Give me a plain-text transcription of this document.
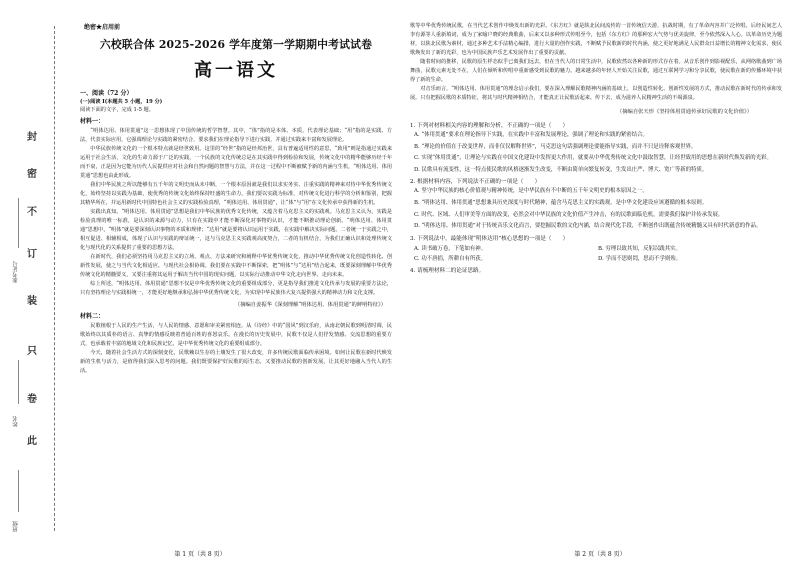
封
密
不
订
装
只
卷
此
准考证号
姓名
班级
绝密★启用前
六校联合体 2025-2026 学年度第一学期期中考试试卷
高一语文
一、阅读（72 分）
(一)阅读 I(本题共 5 小题，19 分)
阅读下面的文字，完成 1-5 题。
材料一：

“明体达用、体用贯通”这一思想体现了中国传统的哲学智慧。其中，“体”指的是本体、本质，代表理论基础；“用”指的是实践、方法，代表实际应用，它强调理论与实践的紧密结合，要求我们在理论指导下进行实践，并通过实践来丰富和发展理论。

中华民族传统文化的一个根本特点就是经世致用。这里的“经世”指的是经邦治世，具有普遍适用性的意思，“致用”则是指通过实践来运用于社会生活，文化的生命力源于广泛的实践，一个民族的文化传统总是在其实践中得到检验和发展，传统文化中的精华能够历经千年而不衰，正是因为它能为历代人民提供应对社会和自然问题的智慧与方法，并在这一过程中不断被赋予新的内涵与生机，“明体达用、体用贯通”思想也由此形成。

我们中华民族之所以能够有五千年的文明史而从未中断，一个根本原因就是我们以求实务实、注重实践的精神来对待中华优秀传统文化，始终坚持以实践为基础，使优秀的传统文化始终保持旺盛的生命力。我们要以实践为标准，对传统文化进行科学的分析和鉴别，把握其精华所在，并运用新时代中国特色社会主义的实践检验真理，“明体达用、体用贯通”，让“体”与“用”在文化传承中获得新的生机。

实践出真知。“明体达用、体用贯通”思想是我们中华民族的优秀文化传统，又蕴含着马克思主义的实践观。马克思主义认为，实践是检验真理的唯一标准，是认识的来源与动力，只有在实践中才能不断深化对事物的认识，才能不断推动理论创新。“明体达用、体用贯通”思想中，“明体”就是要深刻认识事物的本质和规律；“达用”就是要将认识运用于实践，在实践中解决实际问题。二者统一于实践之中，相互促进、相辅相成，体现了认识与实践的辩证统一，这与马克思主义实践观高度契合，二者的有机结合，为我们正确认识和处理传统文化与现代化的关系提供了重要的思想方法。

在新时代，我们必须坚持用马克思主义的立场、观点、方法来研究和阐释中华优秀传统文化，推动中华优秀传统文化创造性转化、创新性发展，使之与当代文化相适应、与现代社会相协调。我们要在实践中不断探索，把“明体”与“达用”结合起来，既要深刻理解中华优秀传统文化的精髓要义，又要注重将其运用于解决当代中国的现实问题，以实际行动推动中华文化走向世界、走向未来。

综上所述，“明体达用、体用贯通”思想不仅是中华优秀传统文化的重要组成部分，更是指导我们推进文化传承与发展的重要方法论，只有坚持理论与实践相统一，才能更好地继承和弘扬中华优秀传统文化，为实现中华民族伟大复兴提供强大的精神动力和文化支撑。

（摘编自姜振华《深刻理解“明体达用、体用贯通”的鲜明特征》）
材料二：

民歌植根于人民的生产生活，与人民的情感、意愿和审美紧密相连。从《诗经》中的“国风”到汉乐府，从南北朝民歌到明清时调，民歌始终以其质朴的语言、真挚的情感反映着普通百姓的喜怒哀乐。在漫长的历史发展中，民歌不仅是人们抒发情感、交流思想的重要方式，也承载着丰富的地域文化和民族记忆，是中华优秀传统文化的重要组成部分。

今天，随着社会生活方式的深刻变化，民歌赖以生存的土壤发生了很大改变，许多传统民歌面临传承困境。如何让民歌在新时代焕发新的生机与活力，是值得我们深入思考的问题。我们既要保护好民歌的原生态，又要推动民歌的创新发展，让其更好地融入当代人的生活。

第 1 页（共 8 页）

歌等中华优秀传统民歌，在当代艺术创作中焕发出新的光彩。《东方红》就是陕北民间流传的一首传统信天游，抗战时期，有了革命内容并广泛传唱，后经民间艺人李有源等人重新填词，成为了家喻户晓的经典歌曲，后来又以多种形式传唱至今，包括《东方红》的那种宏大气势与优美旋律，至今依然深入人心。以革命历史为题材，以陕北民歌为素材，通过多种艺术手法精心编排，进行大量的创作实践，不断赋予民歌新的时代内涵，使之更好地满足人民群众日益增长的精神文化需求，使民歌焕发出了新的光彩，也为中国民族声乐艺术发展作出了重要的贡献。

随着时间的推移，民歌的原生样态似乎已离我们远去，但在当代人的日常生活中，民歌依然以各种新的形式存在着。从音乐创作到影视配乐，从网络歌曲到广场舞曲，民歌元素无处不在，人们在倾听和传唱中重新感受到民歌的魅力。越来越多的年轻人开始关注民歌，通过互联网学习和分享民歌，使民歌在新的传播环境中获得了新的生命。

对音乐而言，“明体达用、体用贯通”的理念启示我们，要在深入理解民歌精神内涵的基础上，以创造性转化、创新性发展的方式，推动民歌在新时代的传承和发展。只有把握民歌的本质特征，将其与时代精神相结合，才能真正让民歌活起来、传下去，成为滋养人民精神生活的不竭源泉。

（摘编自张天形《坚持体用贯通传承好民歌的文化价值》）
1. 下列对材料相关内容的理解和分析，不正确的一项是（　　）
A. “体用贯通”要求在理论指导下实践，在实践中丰富和发展理论，强调了理论和实践的紧密结合。
B. “理论的价值在于改变世界，而非仅仅解释世界”，马克思这句话强调理论要能指导实践，而并不只是诠释客观世界。
C. 实现“体用贯通”，让理论与实践在中国文化建设中发挥更大作用，就要从中华优秀传统文化中汲取智慧，让经世致用的思想在新时代焕发新的光彩。
D. 民歌具有流变性，这一特点使民歌的风格逐渐发生改变，不断由简单向繁复转变，生发出庄严、博大、宽广等新的特质。
2. 根据材料内容，下列说法不正确的一项是（　　）
A. 坚守中华民族的核心价值观与精神传统，是中华民族有不中断的五千年文明史的根本原因之一。
B. “明体达用、体用贯通”思想兼具历史深度与时代精神，蕴含马克思主义的实践观，是中华文化建设应该遵循的根本原则。
C. 时代、区域、人们审美等方面的改变，必然会对中华民族的文化价值产生冲击，有的民歌面临危机，需要我们保护并传承发展。
D. “明体达用、体用贯通”对于传统音乐文化而言，要挖掘民歌的文化内涵，结合现代化手段，不断创作出既蕴含传统精髓又具有时代新意的作品。
3. 下列说法中，最能体现“明体达用”核心思想的一项是（　　）
A. 读书破万卷，下笔如有神。	B. 穷理以致其知，反躬以践其实。
C. 功不唐捐，所耕自有所获。	D. 学而不思则罔，思而不学则殆。
4. 请梳理材料二的论证思路。
第 2 页（共 8 页）
